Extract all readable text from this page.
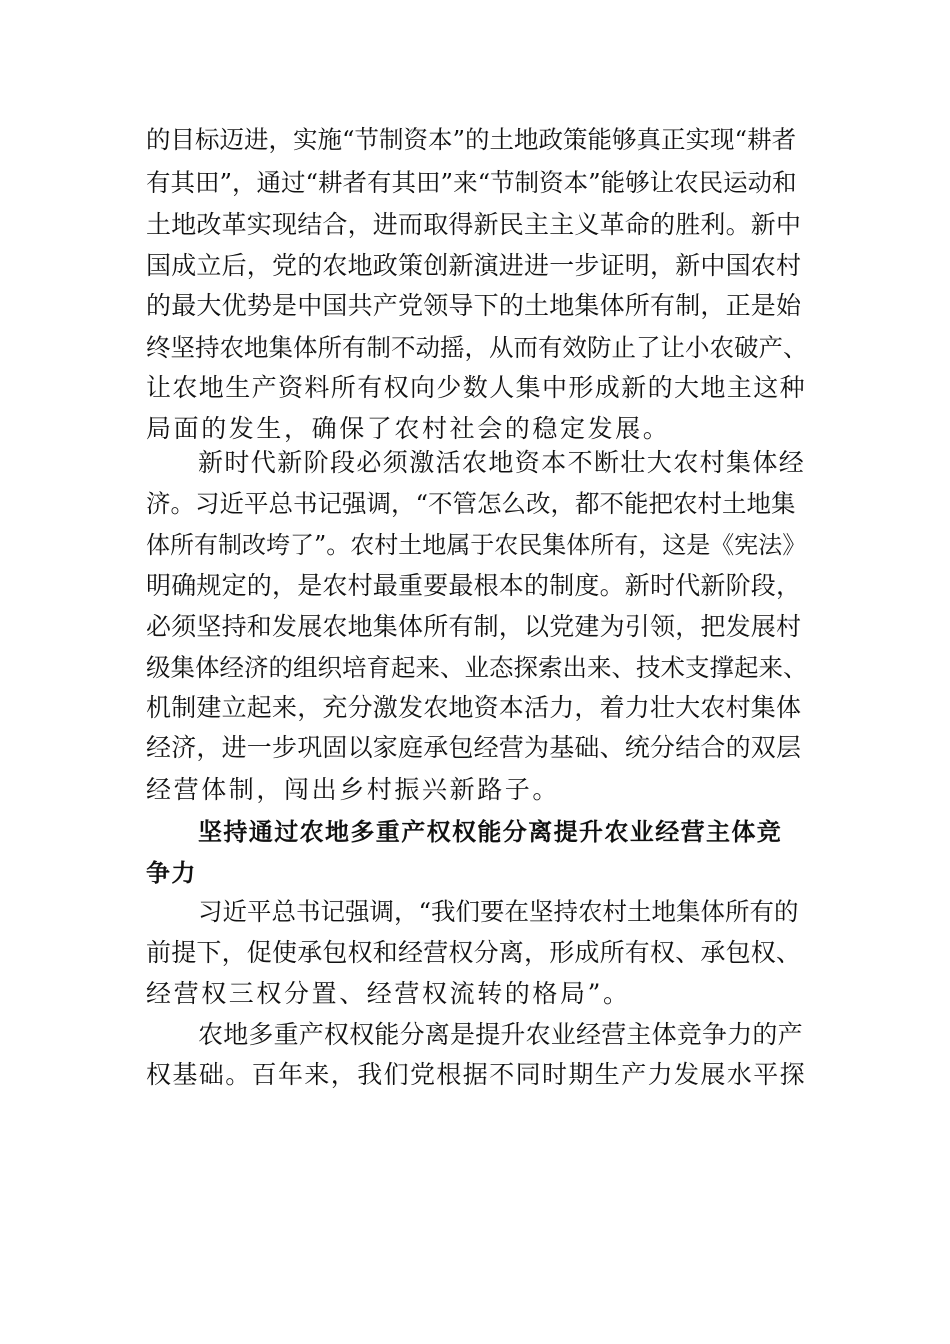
的目标迈进，实施“节制资本”的土地政策能够真正实现“耕者

有其田”，通过“耕者有其田”来“节制资本”能够让农民运动和

土地改革实现结合，进而取得新民主主义革命的胜利。新中

国成立后，党的农地政策创新演进进一步证明，新中国农村

的最大优势是中国共产党领导下的土地集体所有制，正是始

终坚持农地集体所有制不动摇，从而有效防止了让小农破产、

让农地生产资料所有权向少数人集中形成新的大地主这种

局面的发生，确保了农村社会的稳定发展。

新时代新阶段必须激活农地资本不断壮大农村集体经

济。习近平总书记强调，“不管怎么改，都不能把农村土地集

体所有制改垮了”。农村土地属于农民集体所有，这是《宪法》

明确规定的，是农村最重要最根本的制度。新时代新阶段，

必须坚持和发展农地集体所有制，以党建为引领，把发展村

级集体经济的组织培育起来、业态探索出来、技术支撑起来、

机制建立起来，充分激发农地资本活力，着力壮大农村集体

经济，进一步巩固以家庭承包经营为基础、统分结合的双层

经营体制，闯出乡村振兴新路子。

坚持通过农地多重产权权能分离提升农业经营主体竞

争力

习近平总书记强调，“我们要在坚持农村土地集体所有的

前提下，促使承包权和经营权分离，形成所有权、承包权、

经营权三权分置、经营权流转的格局”。

农地多重产权权能分离是提升农业经营主体竞争力的产

权基础。百年来，我们党根据不同时期生产力发展水平探
